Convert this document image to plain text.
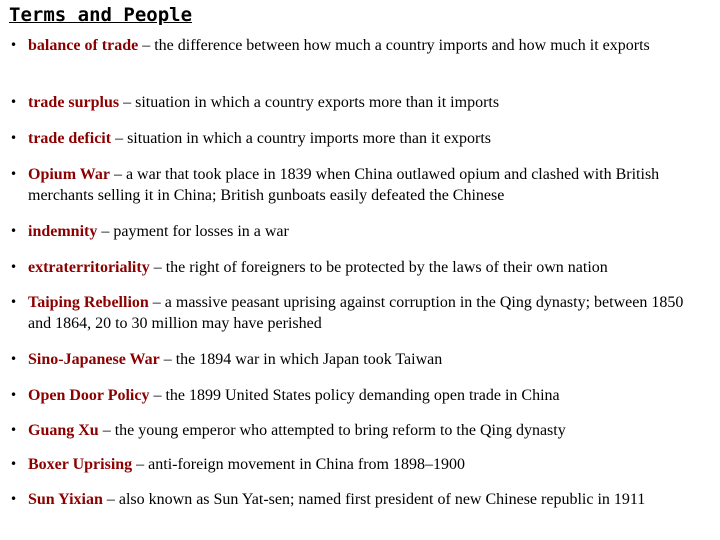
Terms and People
• balance of trade – the difference between how much a country imports and how much it exports
• trade surplus – situation in which a country exports more than it imports
• trade deficit – situation in which a country imports more than it exports
• Opium War – a war that took place in 1839 when China outlawed opium and clashed with British merchants selling it in China; British gunboats easily defeated the Chinese
• indemnity – payment for losses in a war
• extraterritoriality – the right of foreigners to be protected by the laws of their own nation
• Taiping Rebellion – a massive peasant uprising against corruption in the Qing dynasty; between 1850 and 1864, 20 to 30 million may have perished
• Sino-Japanese War – the 1894 war in which Japan took Taiwan
• Open Door Policy – the 1899 United States policy demanding open trade in China
• Guang Xu – the young emperor who attempted to bring reform to the Qing dynasty
• Boxer Uprising – anti-foreign movement in China from 1898–1900
• Sun Yixian – also known as Sun Yat-sen; named first president of new Chinese republic in 1911
